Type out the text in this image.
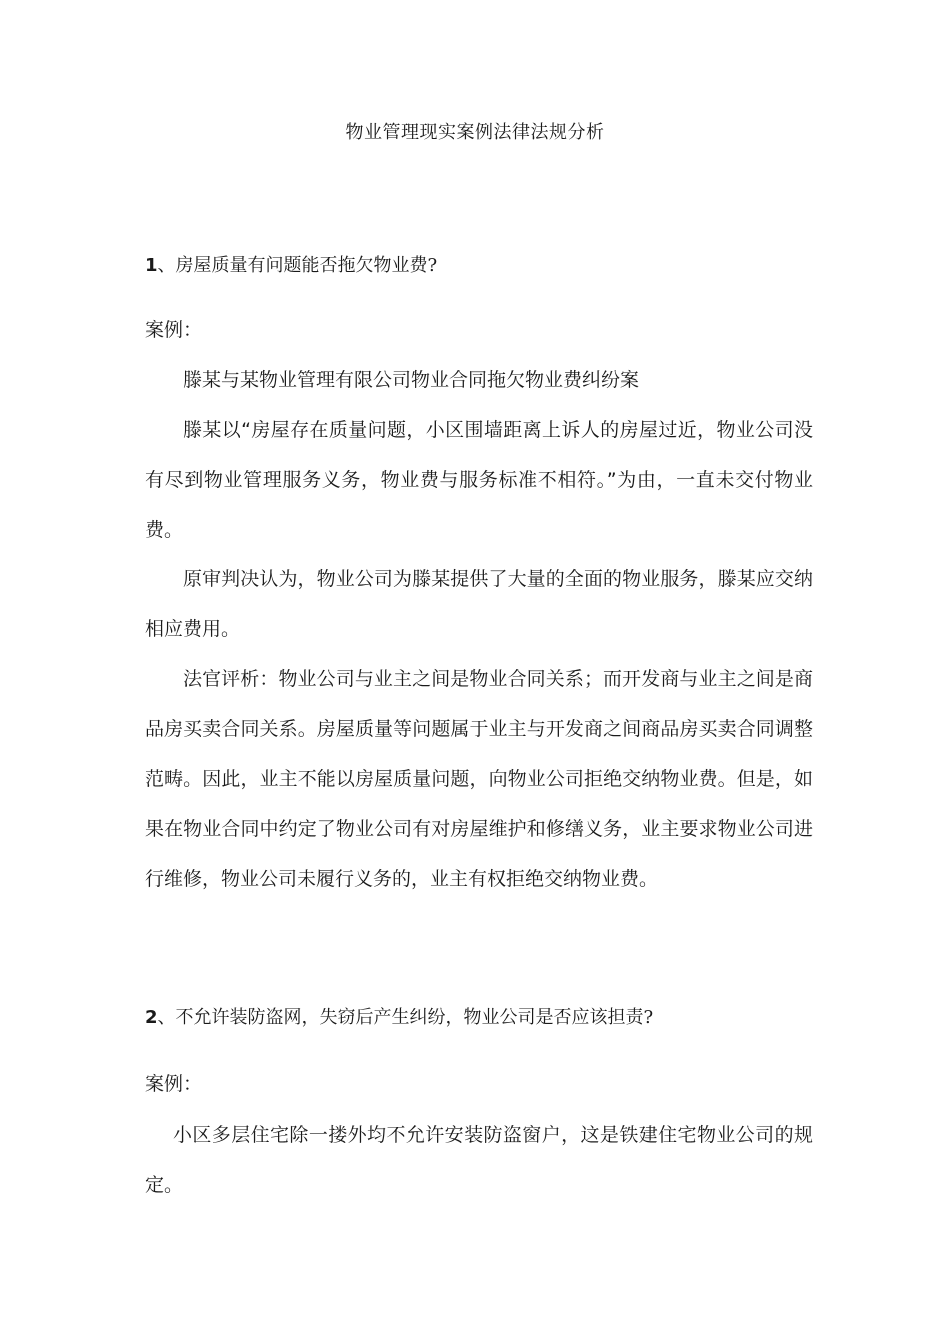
物业管理现实案例法律法规分析
1、房屋质量有问题能否拖欠物业费?
案例：

滕某与某物业管理有限公司物业合同拖欠物业费纠纷案

滕某以“房屋存在质量问题，小区围墙距离上诉人的房屋过近，物业公司没有尽到物业管理服务义务，物业费与服务标准不相符。”为由，一直未交付物业费。

原审判决认为，物业公司为滕某提供了大量的全面的物业服务，滕某应交纳相应费用。

法官评析：物业公司与业主之间是物业合同关系；而开发商与业主之间是商品房买卖合同关系。房屋质量等问题属于业主与开发商之间商品房买卖合同调整范畴。因此，业主不能以房屋质量问题，向物业公司拒绝交纳物业费。但是，如果在物业合同中约定了物业公司有对房屋维护和修缮义务，业主要求物业公司进行维修，物业公司未履行义务的，业主有权拒绝交纳物业费。

2、不允许装防盗网，失窃后产生纠纷，物业公司是否应该担责?
案例：

小区多层住宅除一搂外均不允许安装防盗窗户，这是铁建住宅物业公司的规定。
